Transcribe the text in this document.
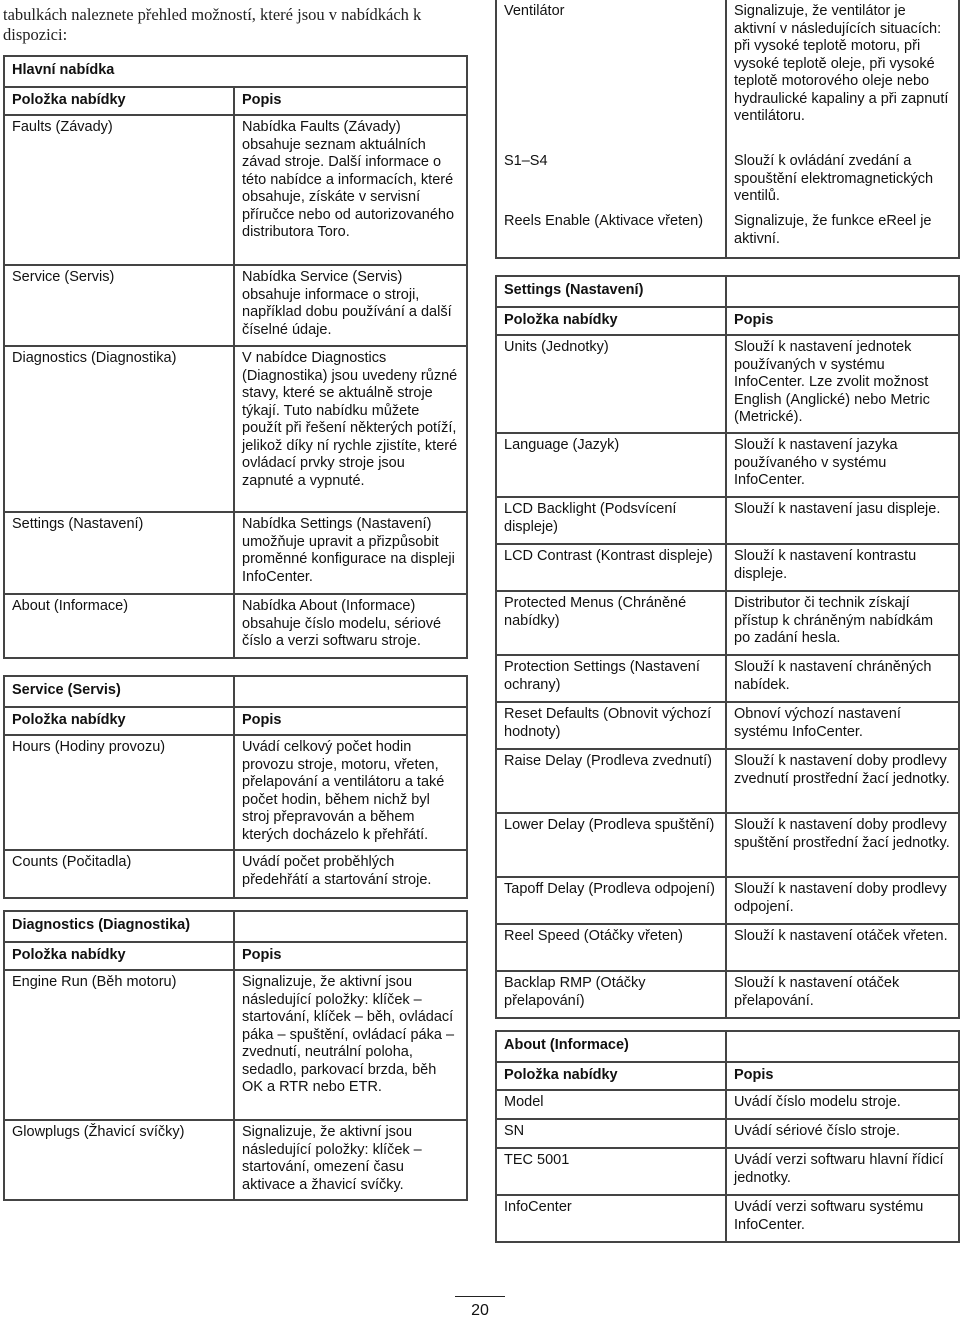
tabulkách naleznete přehled možností, které jsou v nabídkách k dispozici:
Hlavní nabídka	
Položka nabídky	Popis
Faults (Závady)	Nabídka Faults (Závady) obsahuje seznam aktuálních závad stroje. Další informace o této nabídce a informacích, které obsahuje, získáte v servisní příručce nebo od autorizovaného distributora Toro.
Service (Servis)	Nabídka Service (Servis) obsahuje informace o stroji, například dobu používání a další číselné údaje.
Diagnostics (Diagnostika)	V nabídce Diagnostics (Diagnostika) jsou uvedeny různé stavy, které se aktuálně stroje týkají. Tuto nabídku můžete použít při řešení některých potíží, jelikož díky ní rychle zjistíte, které ovládací prvky stroje jsou zapnuté a vypnuté.
Settings (Nastavení)	Nabídka Settings (Nastavení) umožňuje upravit a přizpůsobit proměnné konfigurace na displeji InfoCenter.
About (Informace)	Nabídka About (Informace) obsahuje číslo modelu, sériové číslo a verzi softwaru stroje.
Service (Servis)	
Položka nabídky	Popis
Hours (Hodiny provozu)	Uvádí celkový počet hodin provozu stroje, motoru, vřeten, přelapování a ventilátoru a také počet hodin, během nichž byl stroj přepravován a během kterých docházelo k přehřátí.
Counts (Počitadla)	Uvádí počet proběhlých předehřátí a startování stroje.
Diagnostics (Diagnostika)	
Položka nabídky	Popis
Engine Run (Běh motoru)	Signalizuje, že aktivní jsou následující položky: klíček – startování, klíček – běh, ovládací páka – spuštění, ovládací páka – zvednutí, neutrální poloha, sedadlo, parkovací brzda, běh OK a RTR nebo ETR.
Glowplugs (Žhavicí svíčky)	Signalizuje, že aktivní jsou následující položky: klíček – startování, omezení času aktivace a žhavicí svíčky.
Ventilátor	Signalizuje, že ventilátor je aktivní v následujících situacích: při vysoké teplotě motoru, při vysoké teplotě oleje, při vysoké teplotě motorového oleje nebo hydraulické kapaliny a při zapnutí ventilátoru.
S1–S4	Slouží k ovládání zvedání a spouštění elektromagnetických ventilů.
Reels Enable (Aktivace vřeten)	Signalizuje, že funkce eReel je aktivní.
Settings (Nastavení)	
Položka nabídky	Popis
Units (Jednotky)	Slouží k nastavení jednotek používaných v systému InfoCenter. Lze zvolit možnost English (Anglické) nebo Metric (Metrické).
Language (Jazyk)	Slouží k nastavení jazyka používaného v systému InfoCenter.
LCD Backlight (Podsvícení displeje)	Slouží k nastavení jasu displeje.
LCD Contrast (Kontrast displeje)	Slouží k nastavení kontrastu displeje.
Protected Menus (Chráněné nabídky)	Distributor či technik získají přístup k chráněným nabídkám po zadání hesla.
Protection Settings (Nastavení ochrany)	Slouží k nastavení chráněných nabídek.
Reset Defaults (Obnovit výchozí hodnoty)	Obnoví výchozí nastavení systému InfoCenter.
Raise Delay (Prodleva zvednutí)	Slouží k nastavení doby prodlevy zvednutí prostřední žací jednotky.
Lower Delay (Prodleva spuštění)	Slouží k nastavení doby prodlevy spuštění prostřední žací jednotky.
Tapoff Delay (Prodleva odpojení)	Slouží k nastavení doby prodlevy odpojení.
Reel Speed (Otáčky vřeten)	Slouží k nastavení otáček vřeten.
Backlap RMP (Otáčky přelapování)	Slouží k nastavení otáček přelapování.
About (Informace)	
Položka nabídky	Popis
Model	Uvádí číslo modelu stroje.
SN	Uvádí sériové číslo stroje.
TEC 5001	Uvádí verzi softwaru hlavní řídicí jednotky.
InfoCenter	Uvádí verzi softwaru systému InfoCenter.
20
